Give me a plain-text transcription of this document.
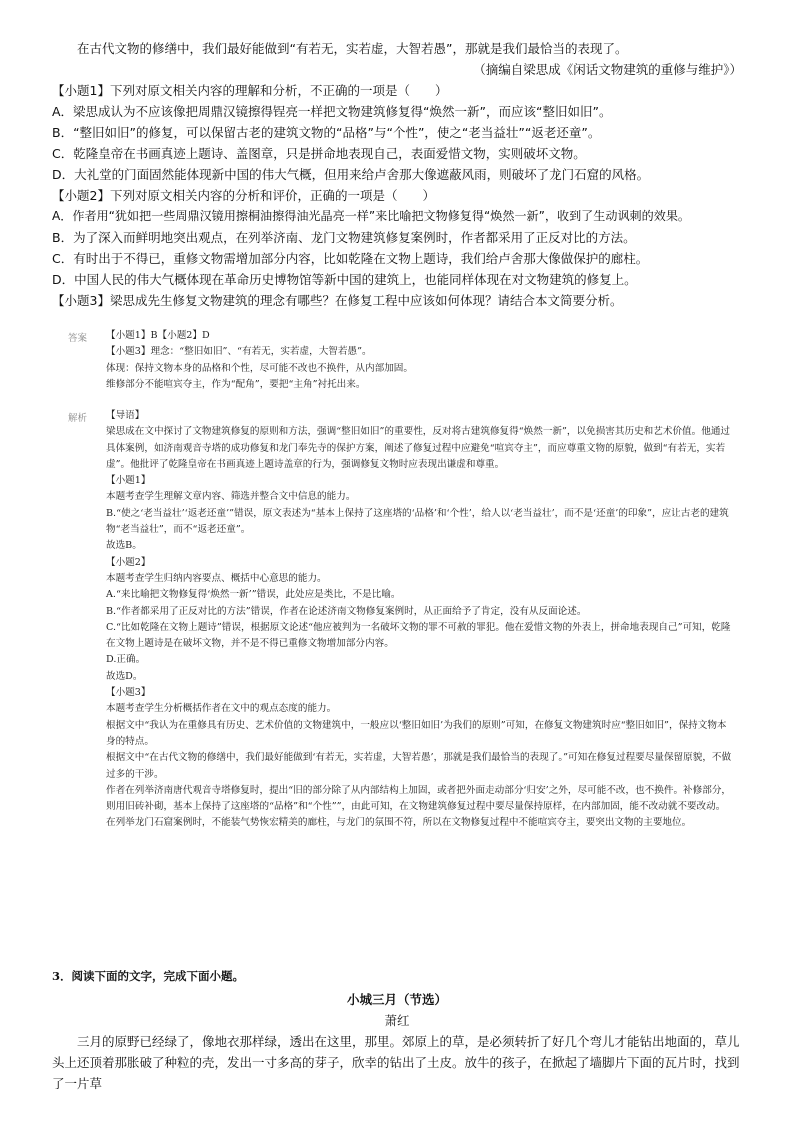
在古代文物的修缮中，我们最好能做到“有若无，实若虚，大智若愚”，那就是我们最恰当的表现了。

（摘编自梁思成《闲话文物建筑的重修与维护》）

【小题1】下列对原文相关内容的理解和分析，不正确的一项是（　　）

A．梁思成认为不应该像把周鼎汉镜擦得锃亮一样把文物建筑修复得“焕然一新”，而应该“整旧如旧”。

B．“整旧如旧”的修复，可以保留古老的建筑文物的“品格”与“个性”，使之“老当益壮”“返老还童”。

C．乾隆皇帝在书画真迹上题诗、盖图章，只是拼命地表现自己，表面爱惜文物，实则破坏文物。

D．大礼堂的门面固然能体现新中国的伟大气概，但用来给卢舍那大像遮蔽风雨，则破坏了龙门石窟的风格。

【小题2】下列对原文相关内容的分析和评价，正确的一项是（　　）

A．作者用“犹如把一些周鼎汉镜用擦桐油擦得油光晶亮一样”来比喻把文物修复得“焕然一新”，收到了生动讽刺的效果。

B．为了深入而鲜明地突出观点，在列举济南、龙门文物建筑修复案例时，作者都采用了正反对比的方法。

C．有时出于不得已，重修文物需增加部分内容，比如乾隆在文物上题诗，我们给卢舍那大像做保护的廊柱。

D．中国人民的伟大气概体现在革命历史博物馆等新中国的建筑上，也能同样体现在对文物建筑的修复上。

【小题3】梁思成先生修复文物建筑的理念有哪些？在修复工程中应该如何体现？请结合本文简要分析。

答案 【小题1】B【小题2】D

【小题3】理念：“整旧如旧”、“有若无，实若虚，大智若愚”。

体现：保持文物本身的品格和个性，尽可能不改也不换件，从内部加固。

维修部分不能喧宾夺主，作为“配角”，要把“主角”衬托出来。

解析 【导语】

梁思成在文中探讨了文物建筑修复的原则和方法，强调“整旧如旧”的重要性，反对将古建筑修复得“焕然一新”，以免损害其历史和艺术价值。他通过具体案例，如济南观音寺塔的成功修复和龙门奉先寺的保护方案，阐述了修复过程中应避免“喧宾夺主”，而应尊重文物的原貌，做到“有若无，实若虚”。他批评了乾隆皇帝在书画真迹上题诗盖章的行为，强调修复文物时应表现出谦虚和尊重。

【小题1】

本题考查学生理解文章内容、筛选并整合文中信息的能力。

B.“使之‘老当益壮’‘返老还童’”错误，原文表述为“基本上保持了这座塔的‘品格’和‘个性’，给人以‘老当益壮’，而不是‘还童’的印象”，应让古老的建筑物“老当益壮”，而不“返老还童”。

故选B。

【小题2】

本题考查学生归纳内容要点、概括中心意思的能力。

A.“来比喻把文物修复得‘焕然一新’”错误，此处应是类比，不是比喻。

B.“作者都采用了正反对比的方法”错误，作者在论述济南文物修复案例时，从正面给予了肯定，没有从反面论述。

C.“比如乾隆在文物上题诗”错误，根据原文论述“他应被判为一名破坏文物的罪不可赦的罪犯。他在爱惜文物的外表上，拼命地表现自己”可知，乾隆在文物上题诗是在破坏文物，并不是不得已重修文物增加部分内容。

D.正确。

故选D。

【小题3】

本题考查学生分析概括作者在文中的观点态度的能力。

根据文中“我认为在重修具有历史、艺术价值的文物建筑中，一般应以‘整旧如旧’为我们的原则”可知，在修复文物建筑时应“整旧如旧”，保持文物本身的特点。

根据文中“在古代文物的修缮中，我们最好能做到‘有若无，实若虚，大智若愚’，那就是我们最恰当的表现了。”可知在修复过程要尽量保留原貌，不做过多的干涉。

作者在列举济南唐代观音寺塔修复时，提出“旧的部分除了从内部结构上加固，或者把外面走动部分‘归安’之外，尽可能不改，也不换件。补修部分，则用旧砖补砌，基本上保持了这座塔的“品格”和“个性””，由此可知，在文物建筑修复过程中要尽量保持原样，在内部加固，能不改动就不要改动。

在列举龙门石窟案例时，不能装气势恢宏精美的廊柱，与龙门的氛围不符，所以在文物修复过程中不能喧宾夺主，要突出文物的主要地位。

3．阅读下面的文字，完成下面小题。

小城三月（节选）

萧红

三月的原野已经绿了，像地衣那样绿，透出在这里，那里。郊原上的草，是必须转折了好几个弯儿才能钻出地面的，草儿头上还顶着那胀破了种粒的壳，发出一寸多高的芽子，欣幸的钻出了土皮。放牛的孩子，在掀起了墙脚片下面的瓦片时，找到了一片草
